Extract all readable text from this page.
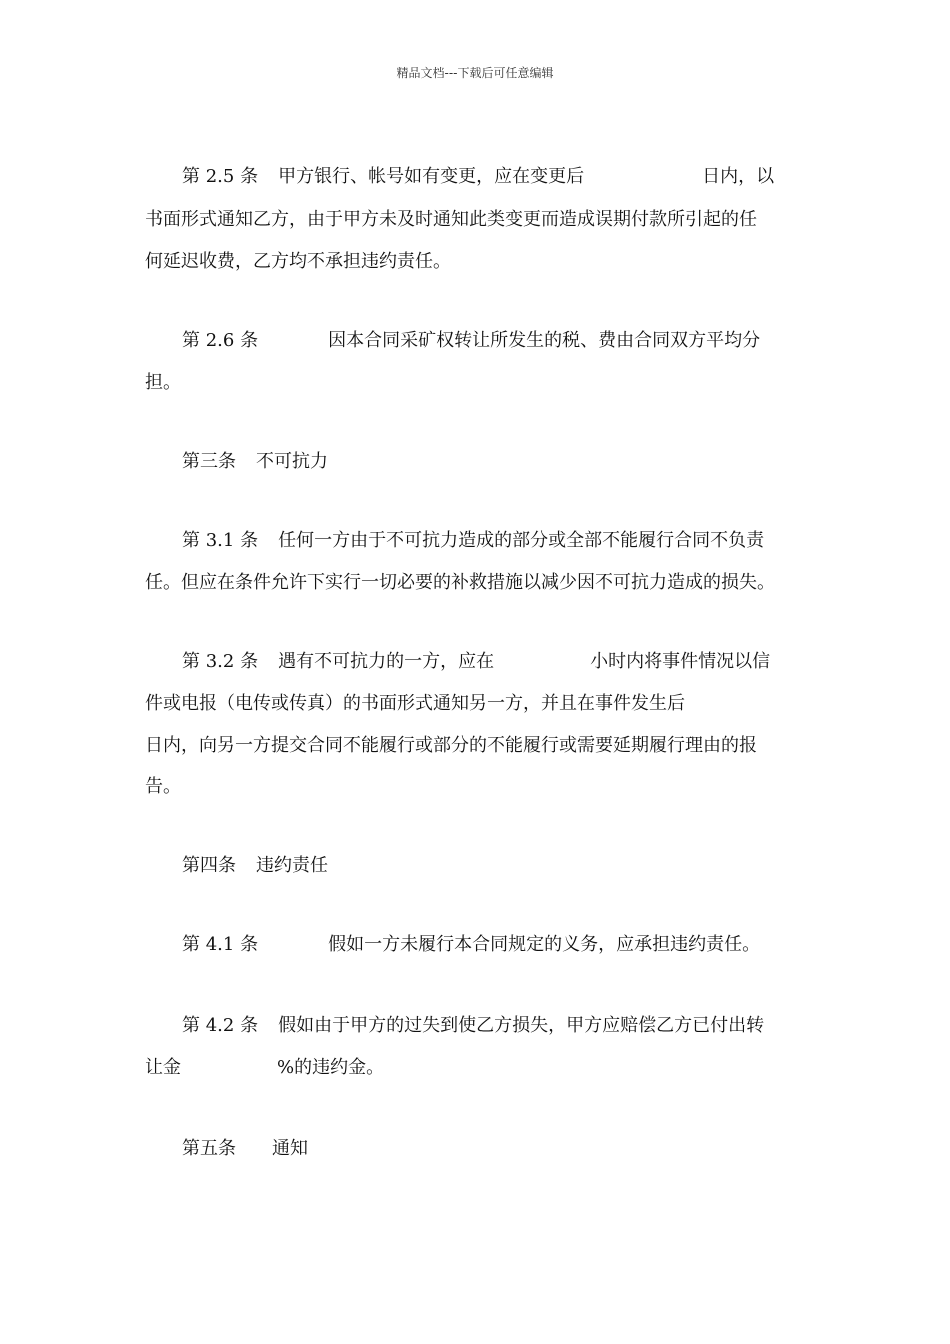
精品文档---下载后可任意编辑
第 2.5 条 甲方银行、帐号如有变更，应在变更后	日内，以
书面形式通知乙方，由于甲方未及时通知此类变更而造成误期付款所引起的任
何延迟收费，乙方均不承担违约责任。
第 2.6 条	因本合同采矿权转让所发生的税、费由合同双方平均分
担。
第三条 不可抗力
第 3.1 条 任何一方由于不可抗力造成的部分或全部不能履行合同不负责
任。但应在条件允许下实行一切必要的补救措施以减少因不可抗力造成的损失。
第 3.2 条 遇有不可抗力的一方，应在	小时内将事件情况以信
件或电报（电传或传真）的书面形式通知另一方，并且在事件发生后
日内，向另一方提交合同不能履行或部分的不能履行或需要延期履行理由的报
告。
第四条 违约责任
第 4.1 条	假如一方未履行本合同规定的义务，应承担违约责任。
第 4.2 条 假如由于甲方的过失到使乙方损失，甲方应赔偿乙方已付出转
让金	%的违约金。
第五条 通知
